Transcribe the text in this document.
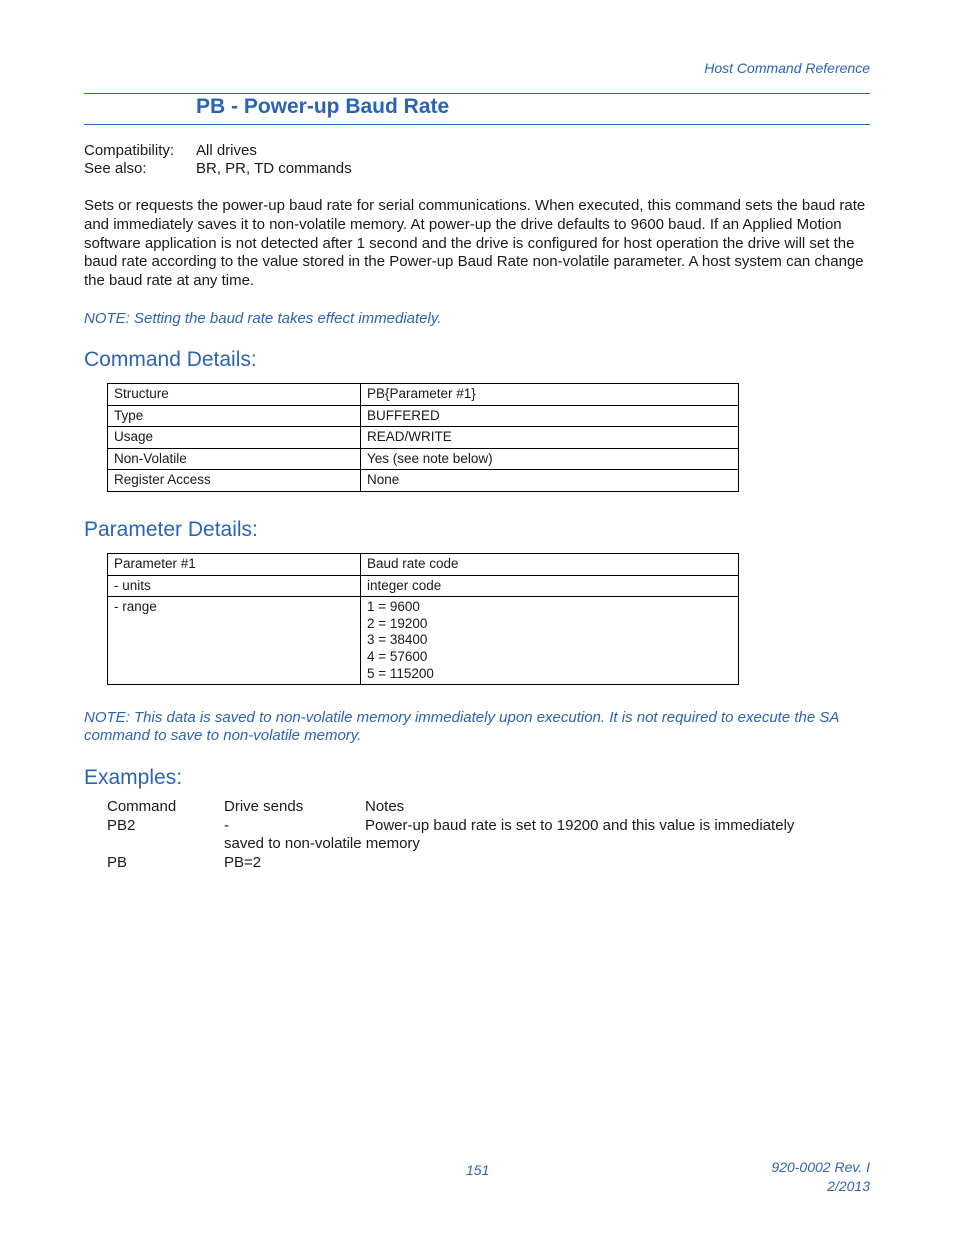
Host Command Reference
PB - Power-up Baud Rate
Compatibility: All drives
See also:	BR, PR, TD commands
Sets or requests the power-up baud rate for serial communications. When executed, this command sets the baud rate and immediately saves it to non-volatile memory. At power-up the drive defaults to 9600 baud. If an Applied Motion software application is not detected after 1 second and the drive is configured for host operation the drive will set the baud rate according to the value stored in the Power-up Baud Rate non-volatile parameter. A host system can change the baud rate at any time.
NOTE: Setting the baud rate takes effect immediately.
Command Details:
Structure	PB{Parameter #1}
Type	BUFFERED
Usage	READ/WRITE
Non-Volatile	Yes (see note below)
Register Access	None
Parameter Details:
Parameter #1	Baud rate code
- units	integer code
- range	1 = 9600
2 = 19200
3 = 38400
4 = 57600
5 = 115200
NOTE: This data is saved to non-volatile memory immediately upon execution. It is not required to execute the SA command to save to non-volatile memory.
Examples:
Command	Drive sends	Notes
PB2	-	Power-up baud rate is set to 19200 and this value is immediately
saved to non-volatile memory
PB	PB=2
151	920-0002 Rev. I
2/2013
